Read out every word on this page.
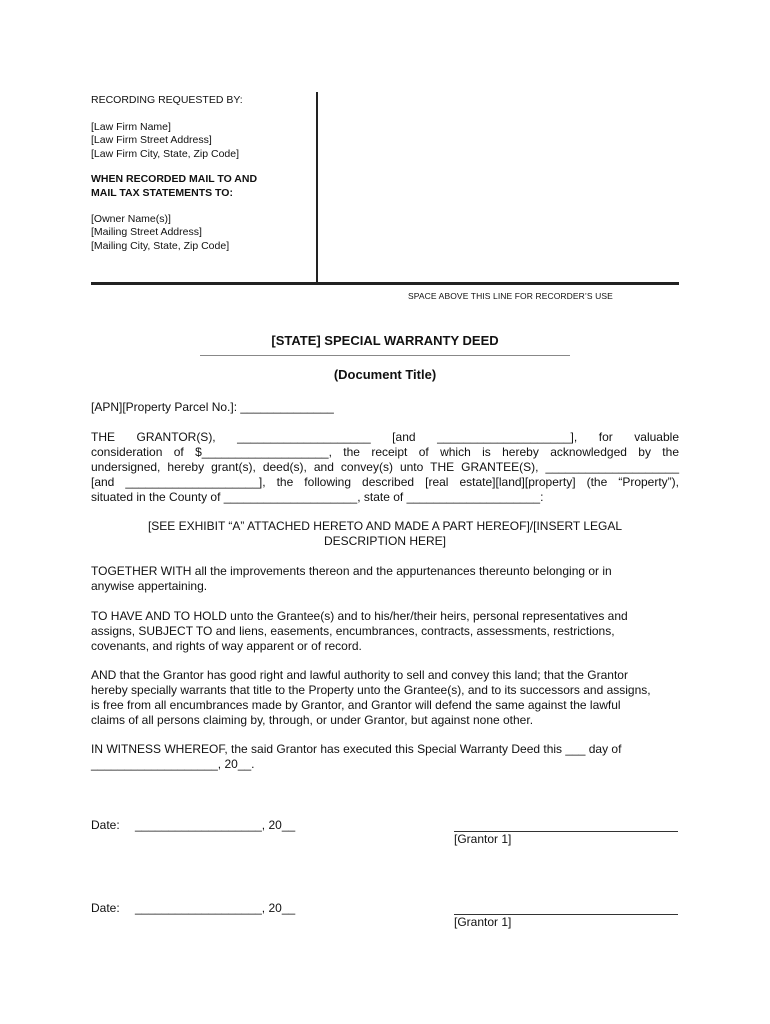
RECORDING REQUESTED BY:
[Law Firm Name]
[Law Firm Street Address]
[Law Firm City, State, Zip Code]
WHEN RECORDED MAIL TO AND
MAIL TAX STATEMENTS TO:
[Owner Name(s)]
[Mailing Street Address]
[Mailing City, State, Zip Code]
SPACE ABOVE THIS LINE FOR RECORDER’S USE
[STATE] SPECIAL WARRANTY DEED
(Document Title)
[APN][Property Parcel No.]: ______________
THE GRANTOR(S), ____________________ [and ____________________], for valuable
consideration of $___________________, the receipt of which is hereby acknowledged by the
undersigned, hereby grant(s), deed(s), and convey(s) unto THE GRANTEE(S), ____________________
[and ____________________], the following described [real estate][land][property] (the “Property”),
situated in the County of ____________________, state of ____________________:
[SEE EXHIBIT “A” ATTACHED HERETO AND MADE A PART HEREOF]/[INSERT LEGAL
DESCRIPTION HERE]
TOGETHER WITH all the improvements thereon and the appurtenances thereunto belonging or in
anywise appertaining.
TO HAVE AND TO HOLD unto the Grantee(s) and to his/her/their heirs, personal representatives and
assigns, SUBJECT TO and liens, easements, encumbrances, contracts, assessments, restrictions,
covenants, and rights of way apparent or of record.
AND that the Grantor has good right and lawful authority to sell and convey this land; that the Grantor
hereby specially warrants that title to the Property unto the Grantee(s), and to its successors and assigns,
is free from all encumbrances made by Grantor, and Grantor will defend the same against the lawful
claims of all persons claiming by, through, or under Grantor, but against none other.
IN WITNESS WHEREOF, the said Grantor has executed this Special Warranty Deed this ___ day of
___________________, 20__.
Date: ___________________, 20__
[Grantor 1]
Date: ___________________, 20__
[Grantor 1]
